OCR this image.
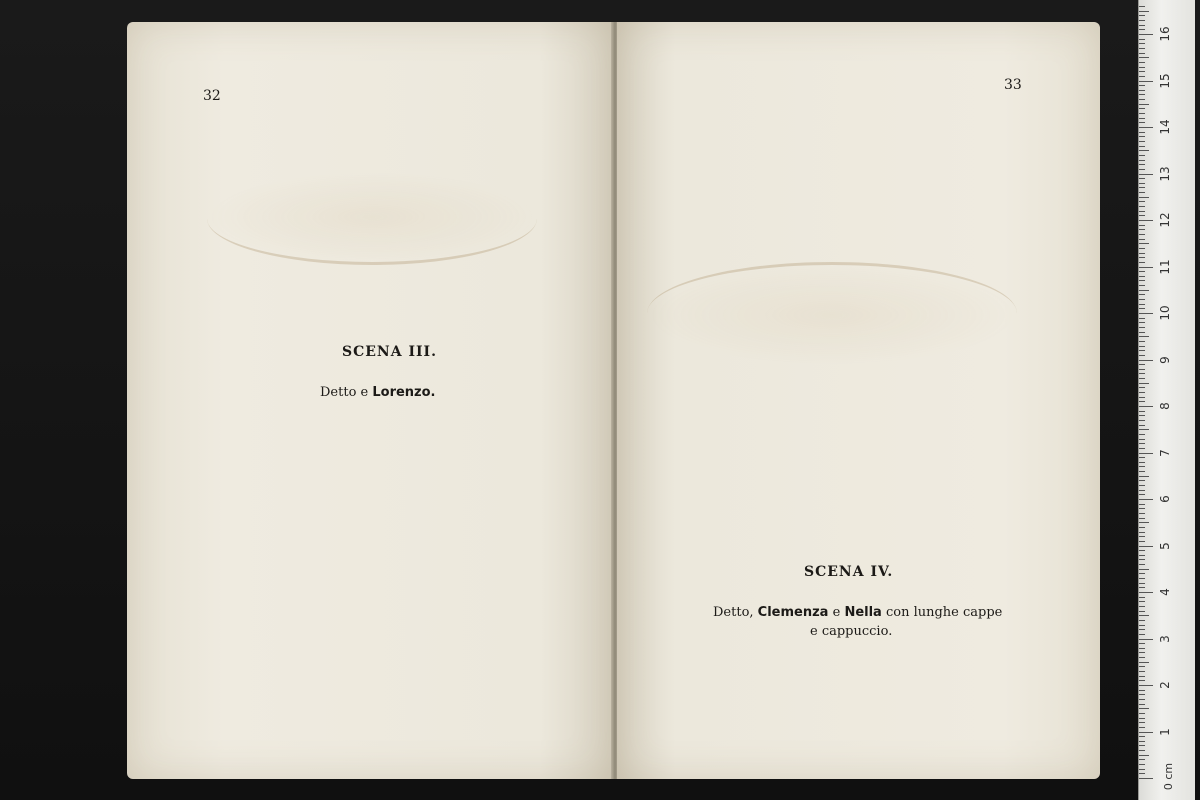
32
SCENA III.
Detto e Lorenzo.
33
SCENA IV.
Detto, Clemenza e Nella con lunghe cappe
e cappuccio.
1
2
3
4
5
6
7
8
9
10
11
12
13
14
15
16
0 cm
